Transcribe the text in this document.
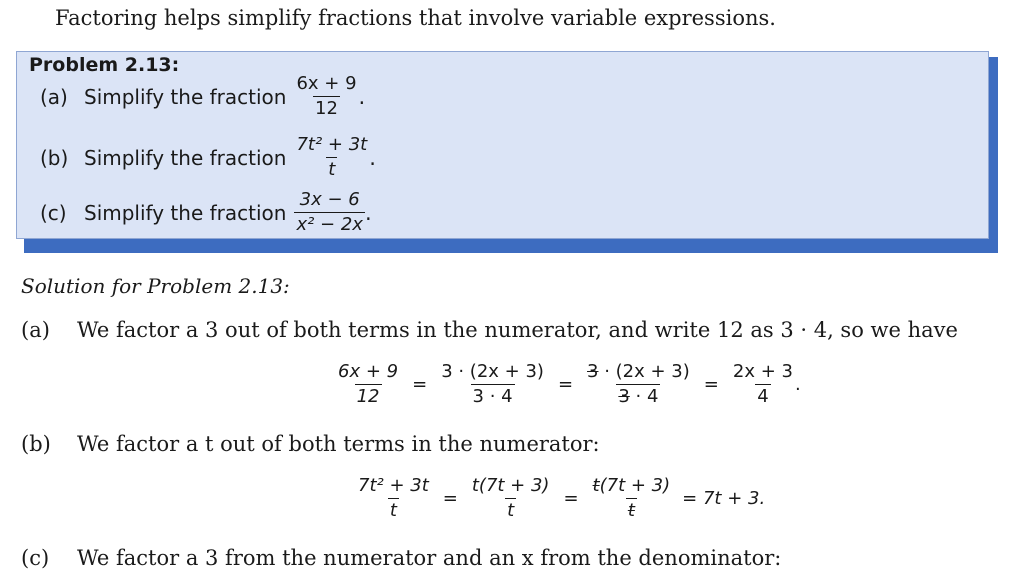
Factoring helps simplify fractions that involve variable expressions.
Problem 2.13:
(a) Simplify the fraction $\frac{6x + 9}{12}$ .
(b) Simplify the fraction $\frac{\text{7t² + 3t}}{t}$ .
(c) Simplify the fraction $\frac{3x - 6}{\text{x² − 2x}}$ .
Solution for Problem 2.13:
(a) We factor a 3 out of both terms in the numerator, and write 12 as 3 · 4, so we have
$\frac{6x + 9}{12} = \frac{3 \cdot (2x + 3)}{3 \cdot 4} = \frac{3 \cdot (2x + 3)}{3 \cdot 4} = \frac{2x + 3}{4}$ .
(b) We factor a t out of both terms in the numerator:
$\frac{\text{7t² + 3t}}{t} = \frac{t(7t + 3)}{t} = \frac{t(7t + 3)}{t} = 7t + 3$.
(c) We factor a 3 from the numerator and an x from the denominator:
